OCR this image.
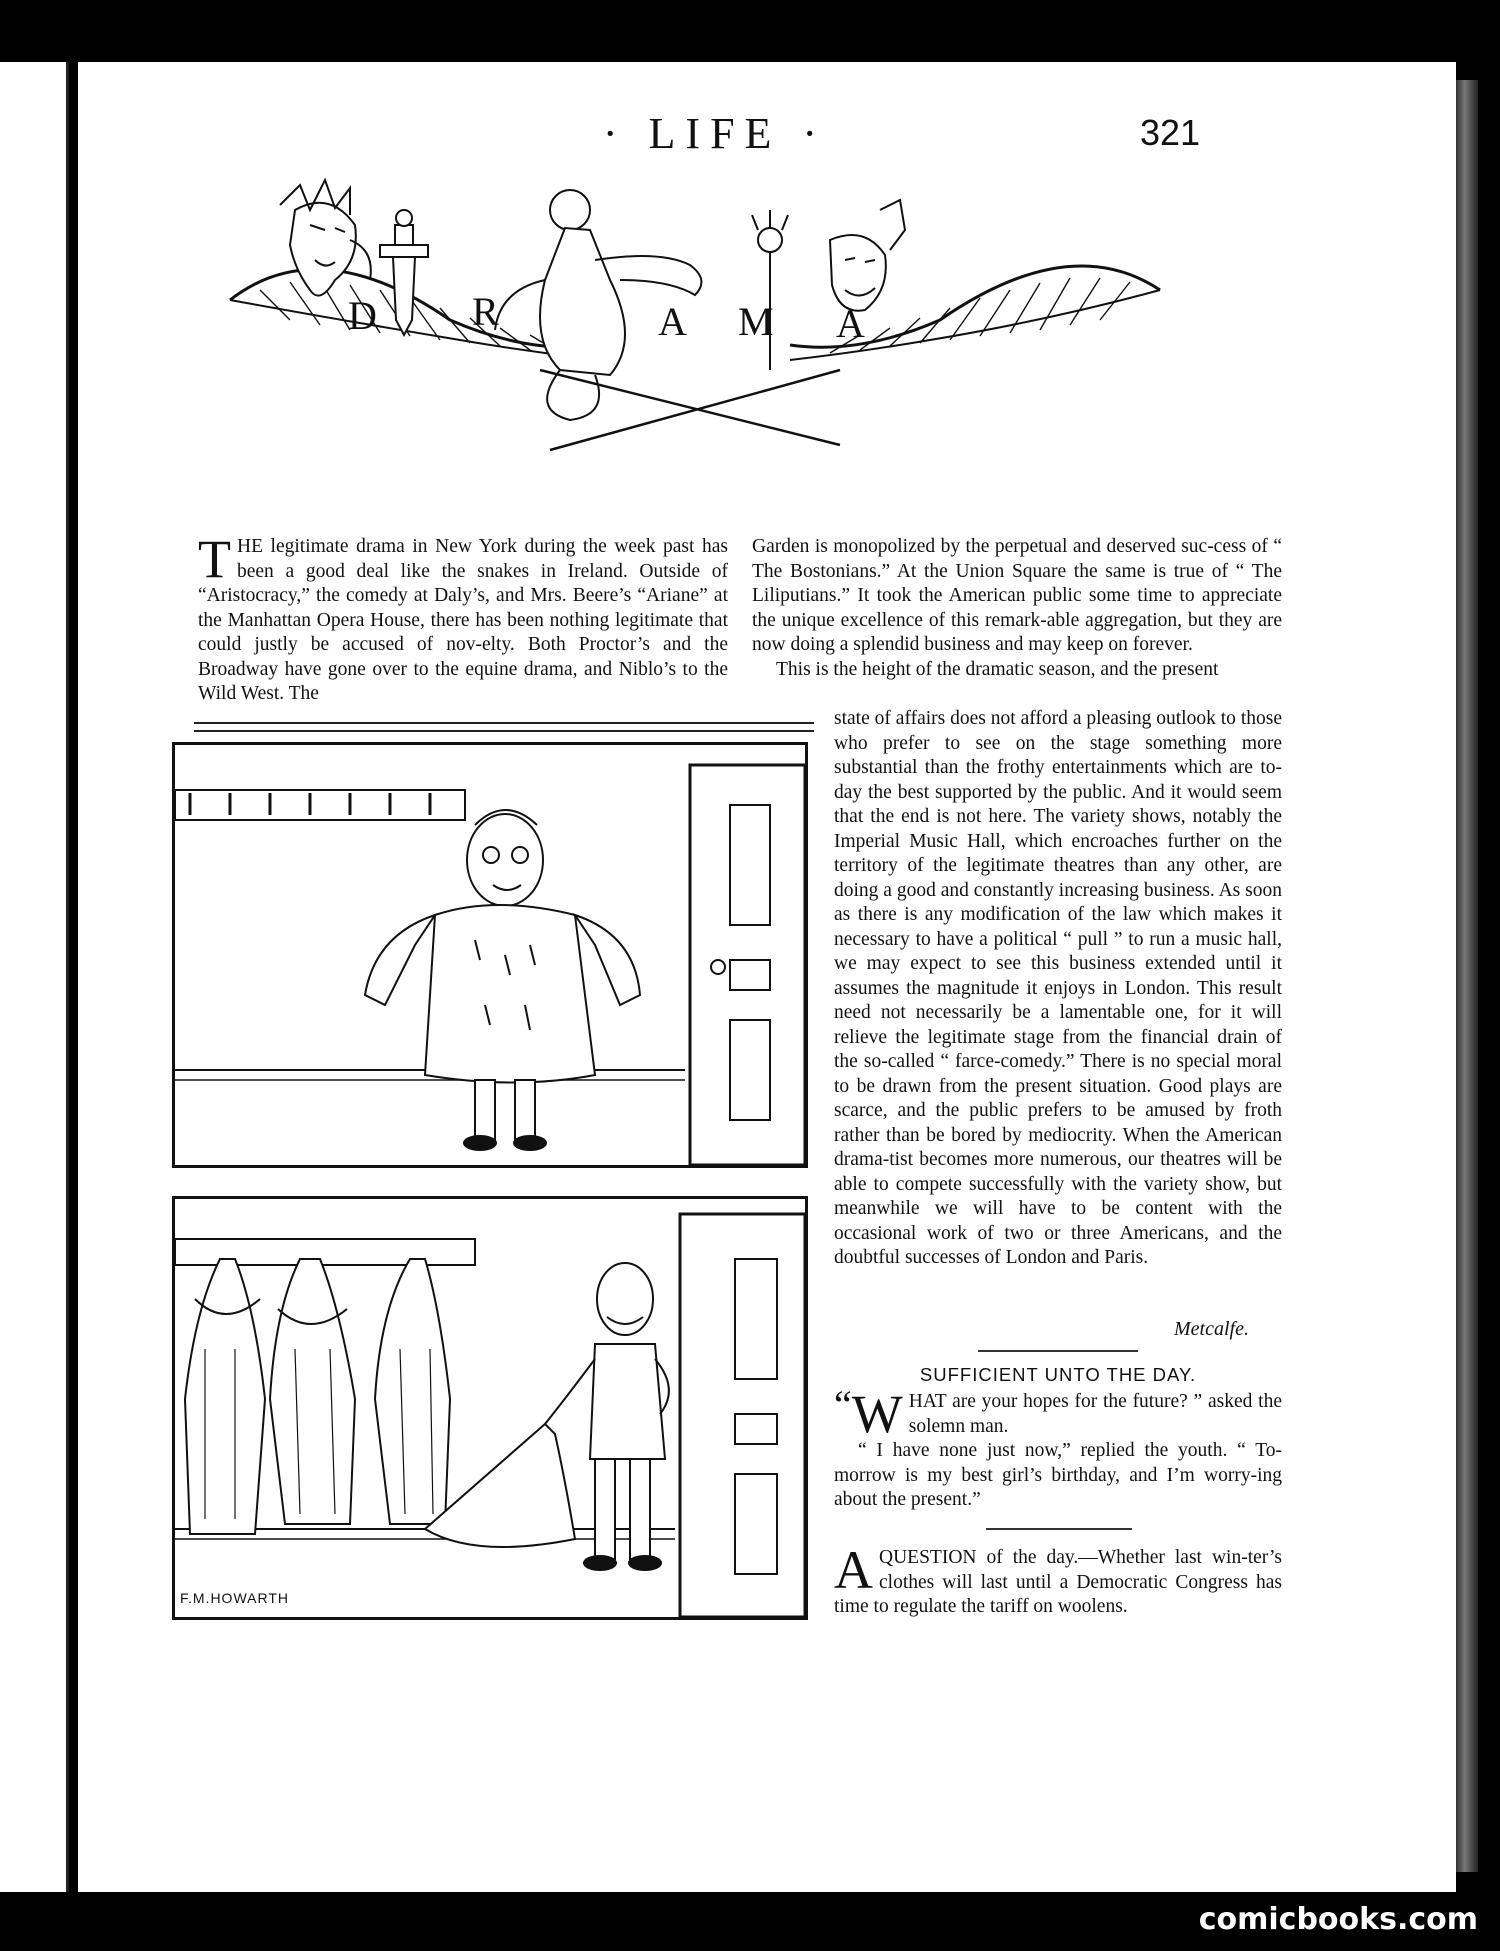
· LIFE ·	321
D R	A M A

THE legitimate drama in New York during the week past has been a good deal like the snakes in Ireland. Outside of “Aristocracy,” the comedy at Daly’s, and Mrs. Beere’s “Ariane” at the Manhattan Opera House, there has been nothing legitimate that could justly be accused of nov-elty. Both Proctor’s and the Broadway have gone over to the equine drama, and Niblo’s to the Wild West. The

Garden is monopolized by the perpetual and deserved suc-cess of “ The Bostonians.” At the Union Square the same is true of “ The Liliputians.” It took the American public some time to appreciate the unique excellence of this remark-able aggregation, but they are now doing a splendid business and may keep on forever.

This is the height of the dramatic season, and the present

state of affairs does not afford a pleasing outlook to those who prefer to see on the stage something more substantial than the frothy entertainments which are to-day the best supported by the public. And it would seem that the end is not here. The variety shows, notably the Imperial Music Hall, which encroaches further on the territory of the legitimate theatres than any other, are doing a good and constantly increasing business. As soon as there is any modification of the law which makes it necessary to have a political “ pull ” to run a music hall, we may expect to see this business extended until it assumes the magnitude it enjoys in London. This result need not necessarily be a lamentable one, for it will relieve the legitimate stage from the financial drain of the so-called “ farce-comedy.” There is no special moral to be drawn from the present situation. Good plays are scarce, and the public prefers to be amused by froth rather than be bored by mediocrity. When the American drama-tist becomes more numerous, our theatres will be able to compete successfully with the variety show, but meanwhile we will have to be content with the occasional work of two or three Americans, and the doubtful successes of London and Paris.

Metcalfe.
SUFFICIENT UNTO THE DAY.

“ W HAT are your hopes for the future? ” asked the solemn man.

“ I have none just now,” replied the youth. “ To-morrow is my best girl’s birthday, and I’m worry-ing about the present.”

AQUESTION of the day.—Whether last win-ter’s clothes will last until a Democratic Congress has time to regulate the tariff on woolens.

F.M.HOWARTH
comicbooks.com
